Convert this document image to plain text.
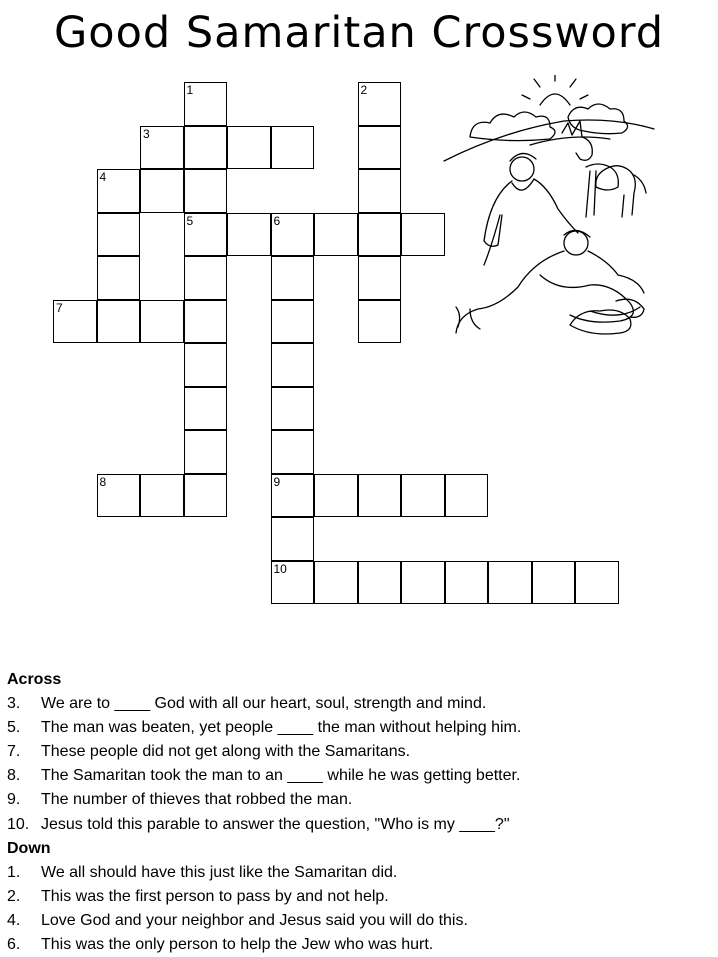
Good Samaritan Crossword
1	2
3
4
5	6
7
8	9
10
Across
3. We are to ____ God with all our heart, soul, strength and mind.
5. The man was beaten, yet people ____ the man without helping him.
7. These people did not get along with the Samaritans.
8. The Samaritan took the man to an ____ while he was getting better.
9. The number of thieves that robbed the man.
10. Jesus told this parable to answer the question, "Who is my ____?"
Down
1. We all should have this just like the Samaritan did.
2. This was the first person to pass by and not help.
4. Love God and your neighbor and Jesus said you will do this.
6. This was the only person to help the Jew who was hurt.
